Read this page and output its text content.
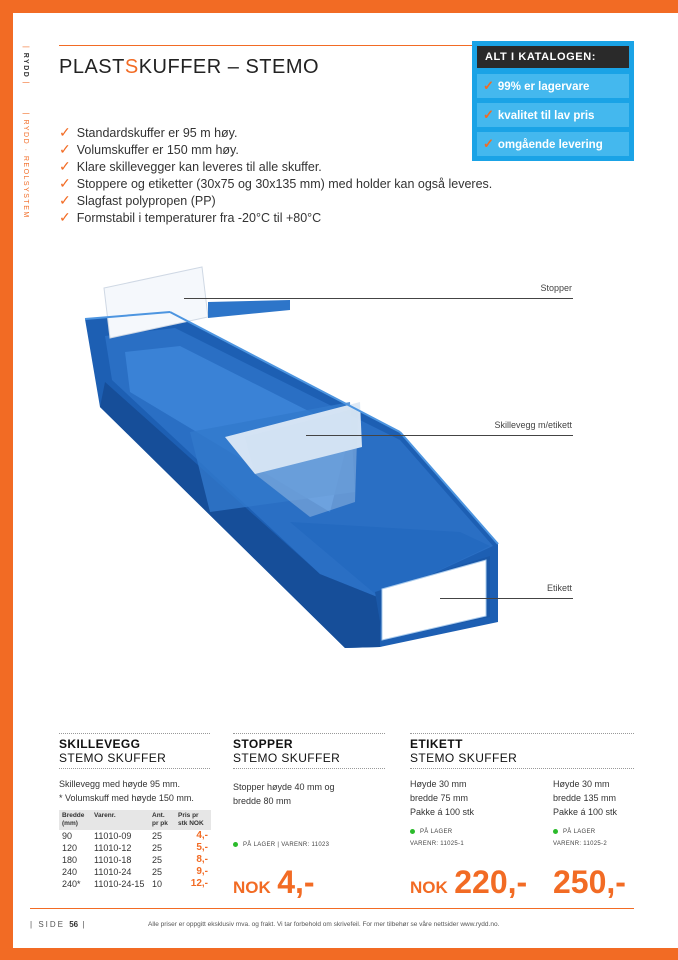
| RYDD |        | RYDD · REOLSYSTEM
PLASTSKUFFER – STEMO	ALT I KATALOGEN:
✓ 99% er lagervare
✓ kvalitet til lav pris
✓ omgående levering
✓ Standardskuffer er 95 m høy.
✓ Volumskuffer er 150 mm høy.
✓ Klare skillevegger kan leveres til alle skuffer.
✓ Stoppere og etiketter (30x75 og 30x135 mm) med holder kan også leveres.
✓ Slagfast polypropen (PP)
✓ Formstabil i temperaturer fra -20°C til +80°C
Stopper
Skillevegg m/etikett
Etikett
SKILLEVEGG
STEMO SKUFFER
Skillevegg med høyde 95 mm.
* Volumskuff med høyde 150 mm.
Bredde (mm)	Varenr.	Ant. pr pk	Pris pr stk NOK
90	11010-09	25	4,-
120	11010-12	25	5,-
180	11010-18	25	8,-
240	11010-24	25	9,-
240*	11010-24-15	10	12,-
STOPPER
STEMO SKUFFER
Stopper høyde 40 mm og
bredde 80 mm
PÅ LAGER | VARENR: 11023
NOK 4,-
ETIKETT
STEMO SKUFFER
Høyde 30 mm
bredde 75 mm
Pakke á 100 stk
PÅ LAGER
VARENR: 11025-1
Høyde 30 mm
bredde 135 mm
Pakke á 100 stk
PÅ LAGER
VARENR: 11025-2
NOK 220,- 250,-
| SIDE 56 |	Alle priser er oppgitt eksklusiv mva. og frakt. Vi tar forbehold om skrivefeil. For mer tilbehør se våre nettsider www.rydd.no.
